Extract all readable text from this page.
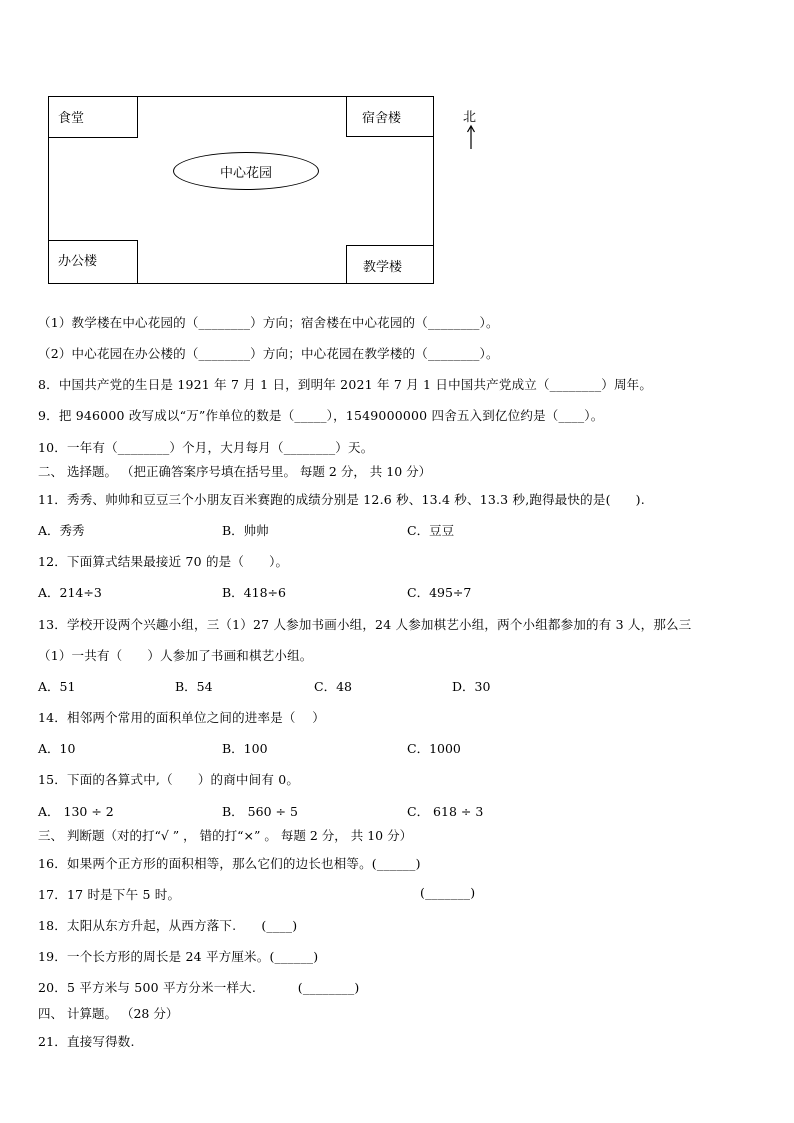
食堂	宿舍楼
中心花园
办公楼	教学楼
北
（1）教学楼在中心花园的（________）方向；宿舍楼在中心花园的（________）。
（2）中心花园在办公楼的（________）方向；中心花园在教学楼的（________）。
8．中国共产党的生日是 1921 年 7 月 1 日，到明年 2021 年 7 月 1 日中国共产党成立（________）周年。
9．把 946000 改写成以“万”作单位的数是（_____），1549000000 四舍五入到亿位约是（____）。
10．一年有（________）个月，大月每月（________）天。
二、 选择题。 （把正确答案序号填在括号里。 每题 2 分， 共 10 分）
11．秀秀、帅帅和豆豆三个小朋友百米赛跑的成绩分别是 12.6 秒、13.4 秒、13.3 秒,跑得最快的是(      ).
A．秀秀	B．帅帅	C．豆豆
12．下面算式结果最接近 70 的是（      ）。
A．214÷3	B．418÷6	C．495÷7
13．学校开设两个兴趣小组，三（1）27 人参加书画小组，24 人参加棋艺小组，两个小组都参加的有 3 人，那么三
（1）一共有（      ）人参加了书画和棋艺小组。
A．51	B．54	C．48	D．30
14．相邻两个常用的面积单位之间的进率是（    ）
A．10	B．100	C．1000
15．下面的各算式中,（      ）的商中间有 0。
A． 130 ÷ 2	B． 560 ÷ 5	C． 618 ÷ 3
三、 判断题（对的打“√ ” ， 错的打“×” 。 每题 2 分， 共 10 分）
16．如果两个正方形的面积相等，那么它们的边长也相等。(______)
17．17 时是下午 5 时。	(_______)
18．太阳从东方升起，从西方落下.      (____)
19．一个长方形的周长是 24 平方厘米。(______)
20．5 平方米与 500 平方分米一样大.          (________)
四、 计算题。 （28 分）
21．直接写得数.
